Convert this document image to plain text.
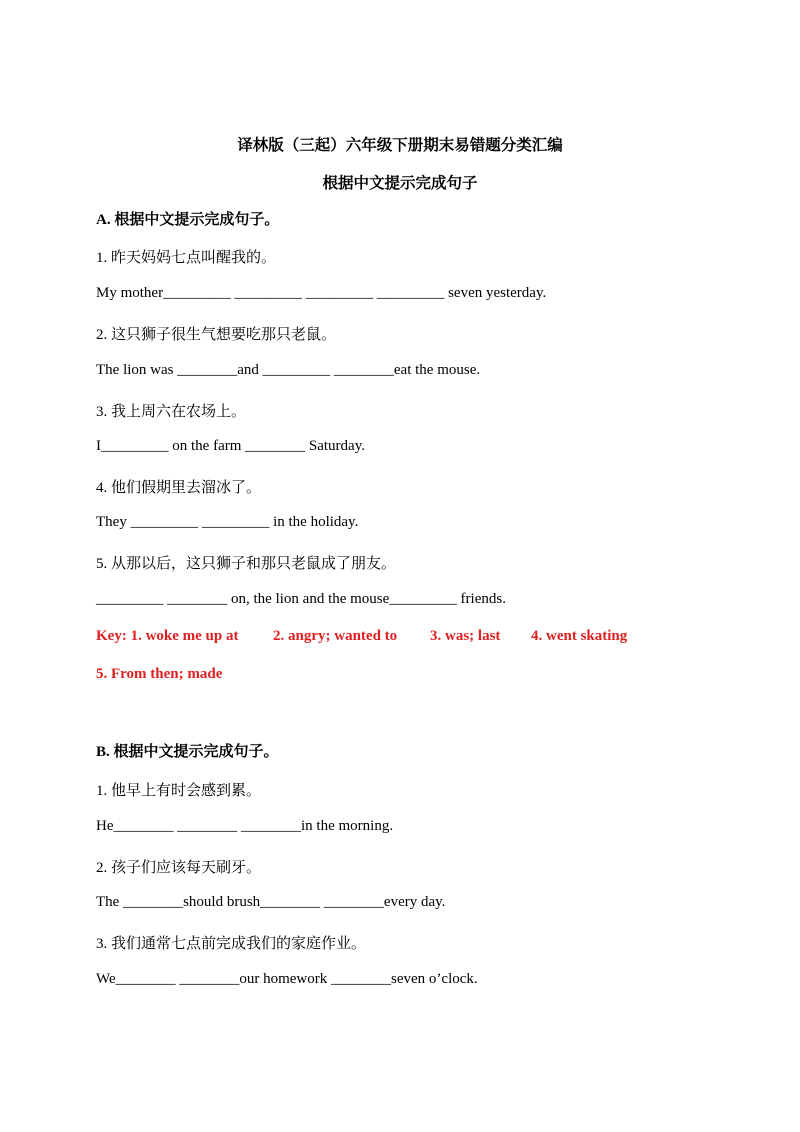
译林版（三起）六年级下册期末易错题分类汇编
根据中文提示完成句子
A. 根据中文提示完成句子。
1. 昨天妈妈七点叫醒我的。
My mother_________ _________ _________ _________ seven yesterday.
2. 这只狮子很生气想要吃那只老鼠。
The lion was ________and _________ ________eat the mouse.
3. 我上周六在农场上。
I_________ on the farm ________ Saturday.
4. 他们假期里去溜冰了。
They _________ _________ in the holiday.
5. 从那以后，这只狮子和那只老鼠成了朋友。
_________ ________ on, the lion and the mouse_________ friends.
Key: 1. woke me up at 2. angry; wanted to 3. was; last 4. went skating
5. From then; made
B. 根据中文提示完成句子。
1. 他早上有时会感到累。
He________ ________ ________in the morning.
2. 孩子们应该每天刷牙。
The ________should brush________ ________every day.
3. 我们通常七点前完成我们的家庭作业。
We________ ________our homework ________seven o’clock.
